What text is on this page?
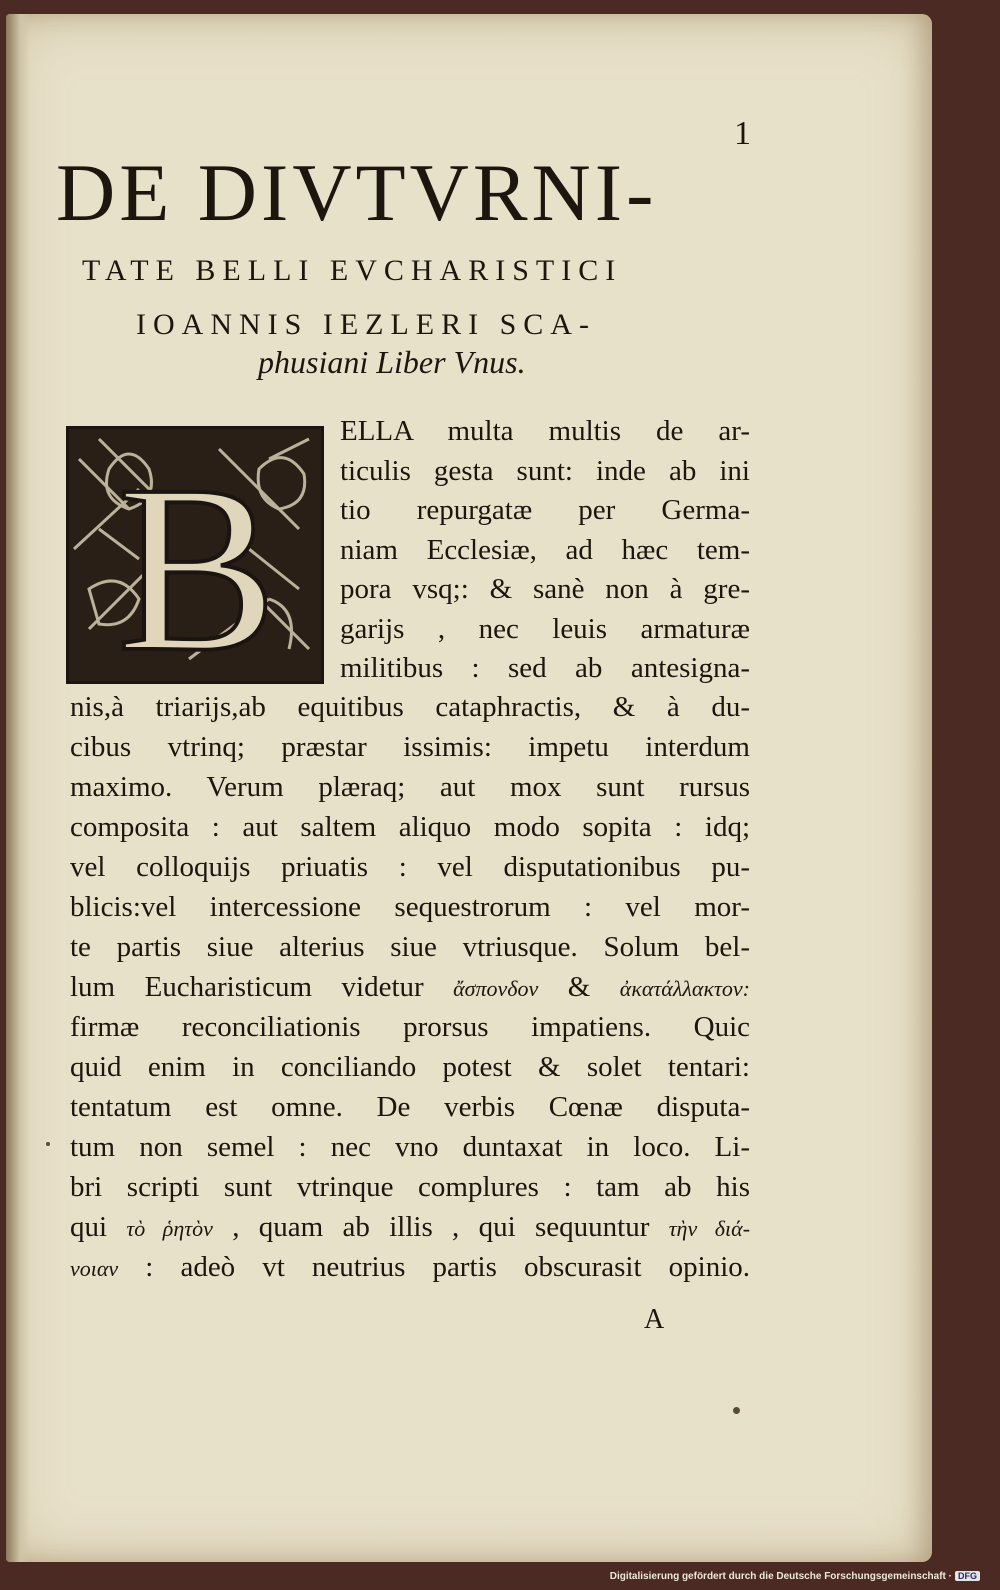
1
DE DIVTVRNI-
TATE BELLI EVCHARISTICI
IOANNIS IEZLERI SCA-
phusiani Liber Vnus.
B
ELLA multa multis de ar-
ticulis gesta sunt: inde ab ini
tio repurgatæ per Germa-
niam Ecclesiæ, ad hæc tem-
pora vsq;: & sanè non à gre-
garijs , nec leuis armaturæ
militibus : sed ab antesigna-
nis,à triarijs,ab equitibus cataphractis, & à du-
cibus vtrinq; præstar issimis: impetu interdum
maximo. Verum plæraq; aut mox sunt rursus
composita : aut saltem aliquo modo sopita : idq;
vel colloquijs priuatis : vel disputationibus pu-
blicis:vel intercessione sequestrorum : vel mor-
te partis siue alterius siue vtriusque. Solum bel-
lum Eucharisticum videtur ἄσπονδον & ἀκατάλλακτον:
firmæ reconciliationis prorsus impatiens. Quic
quid enim in conciliando potest & solet tentari:
tentatum est omne. De verbis Cœnæ disputa-
tum non semel : nec vno duntaxat in loco. Li-
bri scripti sunt vtrinque complures : tam ab his
qui τὸ ῥητὸν , quam ab illis , qui sequuntur τὴν διά-
νοιαν : adeò vt neutrius partis obscurasit opinio.
A
Digitalisierung gefördert durch die Deutsche Forschungsgemeinschaft · DFG
